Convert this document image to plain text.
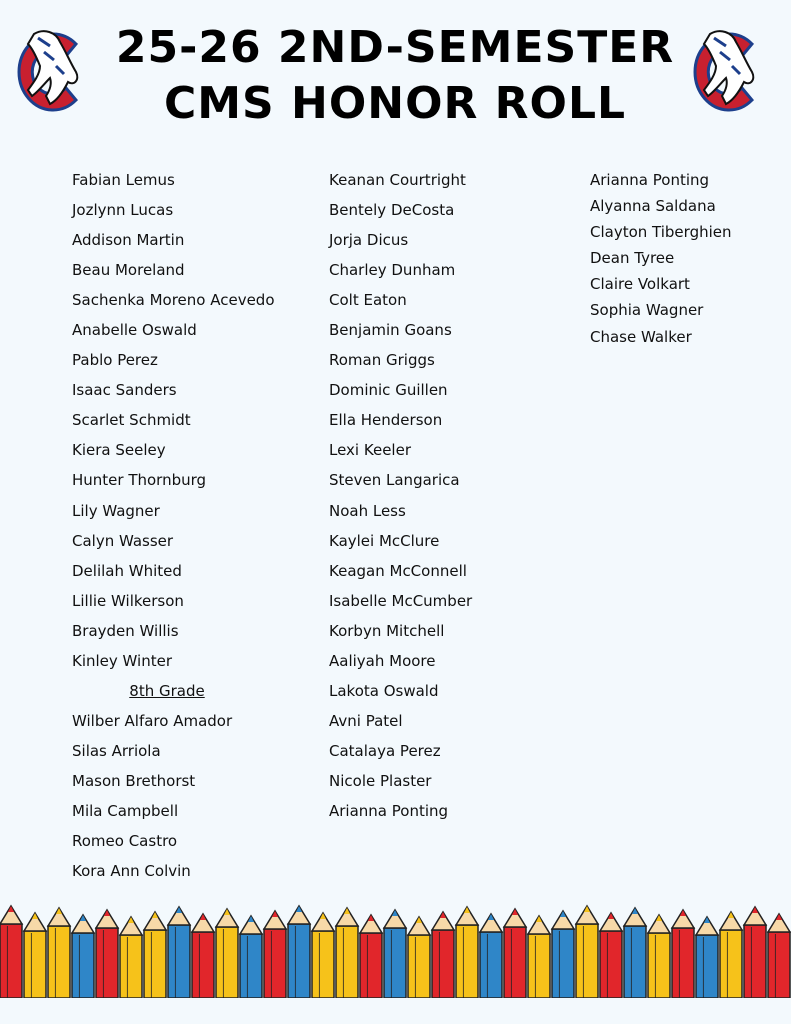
25-26 2ND-SEMESTER
CMS HONOR ROLL
Fabian Lemus
Jozlynn Lucas
Addison Martin
Beau Moreland
Sachenka Moreno Acevedo
Anabelle Oswald
Pablo Perez
Isaac Sanders
Scarlet Schmidt
Kiera Seeley
Hunter Thornburg
Lily Wagner
Calyn Wasser
Delilah Whited
Lillie Wilkerson
Brayden Willis
Kinley Winter
8th Grade
Wilber Alfaro Amador
Silas Arriola
Mason Brethorst
Mila Campbell
Romeo Castro
Kora Ann Colvin
Keanan Courtright
Bentely DeCosta
Jorja Dicus
Charley Dunham
Colt Eaton
Benjamin Goans
Roman Griggs
Dominic Guillen
Ella Henderson
Lexi Keeler
Steven Langarica
Noah Less
Kaylei McClure
Keagan McConnell
Isabelle McCumber
Korbyn Mitchell
Aaliyah Moore
Lakota Oswald
Avni Patel
Catalaya Perez
Nicole Plaster
Arianna Ponting
Arianna Ponting
Alyanna Saldana
Clayton Tiberghien
Dean Tyree
Claire Volkart
Sophia Wagner
Chase Walker
